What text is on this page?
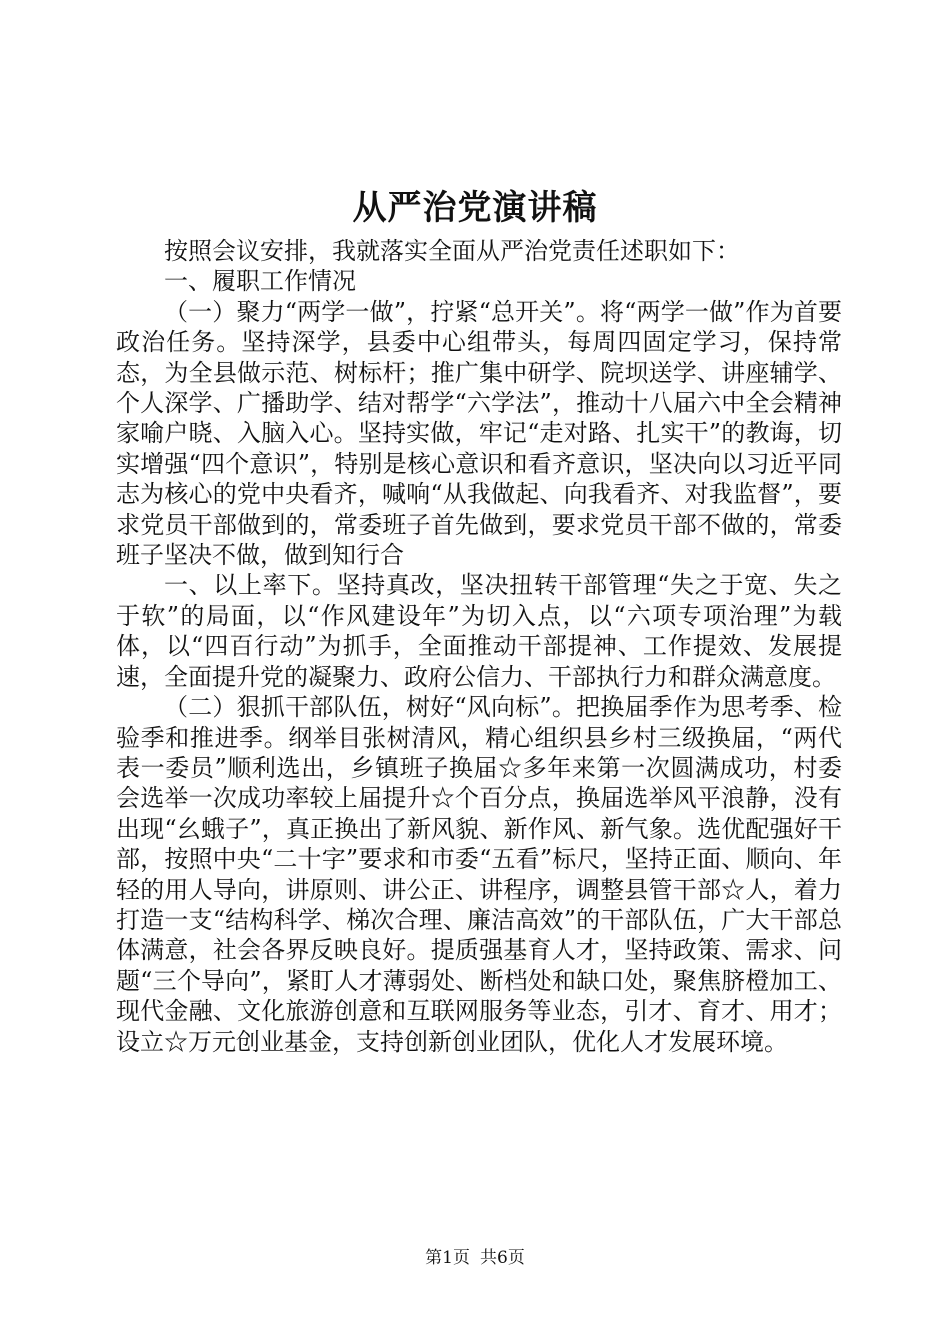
从严治党演讲稿

按照会议安排，我就落实全面从严治党责任述职如下：

一、履职工作情况

（一）聚力“两学一做”，拧紧“总开关”。将“两学一做”作为首要政治任务。坚持深学，县委中心组带头，每周四固定学习，保持常态，为全县做示范、树标杆；推广集中研学、院坝送学、讲座辅学、个人深学、广播助学、结对帮学“六学法”，推动十八届六中全会精神家喻户晓、入脑入心。坚持实做，牢记“走对路、扎实干”的教诲，切实增强“四个意识”，特别是核心意识和看齐意识，坚决向以习近平同志为核心的党中央看齐，喊响“从我做起、向我看齐、对我监督”，要求党员干部做到的，常委班子首先做到，要求党员干部不做的，常委班子坚决不做，做到知行合

一、以上率下。坚持真改，坚决扭转干部管理“失之于宽、失之于软”的局面，以“作风建设年”为切入点，以“六项专项治理”为载体，以“四百行动”为抓手，全面推动干部提神、工作提效、发展提速，全面提升党的凝聚力、政府公信力、干部执行力和群众满意度。

（二）狠抓干部队伍，树好“风向标”。把换届季作为思考季、检验季和推进季。纲举目张树清风，精心组织县乡村三级换届，“两代表一委员”顺利选出，乡镇班子换届☆多年来第一次圆满成功，村委会选举一次成功率较上届提升☆个百分点，换届选举风平浪静，没有出现“幺蛾子”，真正换出了新风貌、新作风、新气象。选优配强好干部，按照中央“二十字”要求和市委“五看”标尺，坚持正面、顺向、年轻的用人导向，讲原则、讲公正、讲程序，调整县管干部☆人，着力打造一支“结构科学、梯次合理、廉洁高效”的干部队伍，广大干部总体满意，社会各界反映良好。提质强基育人才，坚持政策、需求、问题“三个导向”，紧盯人才薄弱处、断档处和缺口处，聚焦脐橙加工、现代金融、文化旅游创意和互联网服务等业态，引才、育才、用才；设立☆万元创业基金，支持创新创业团队，优化人才发展环境。

第1页 共6页
